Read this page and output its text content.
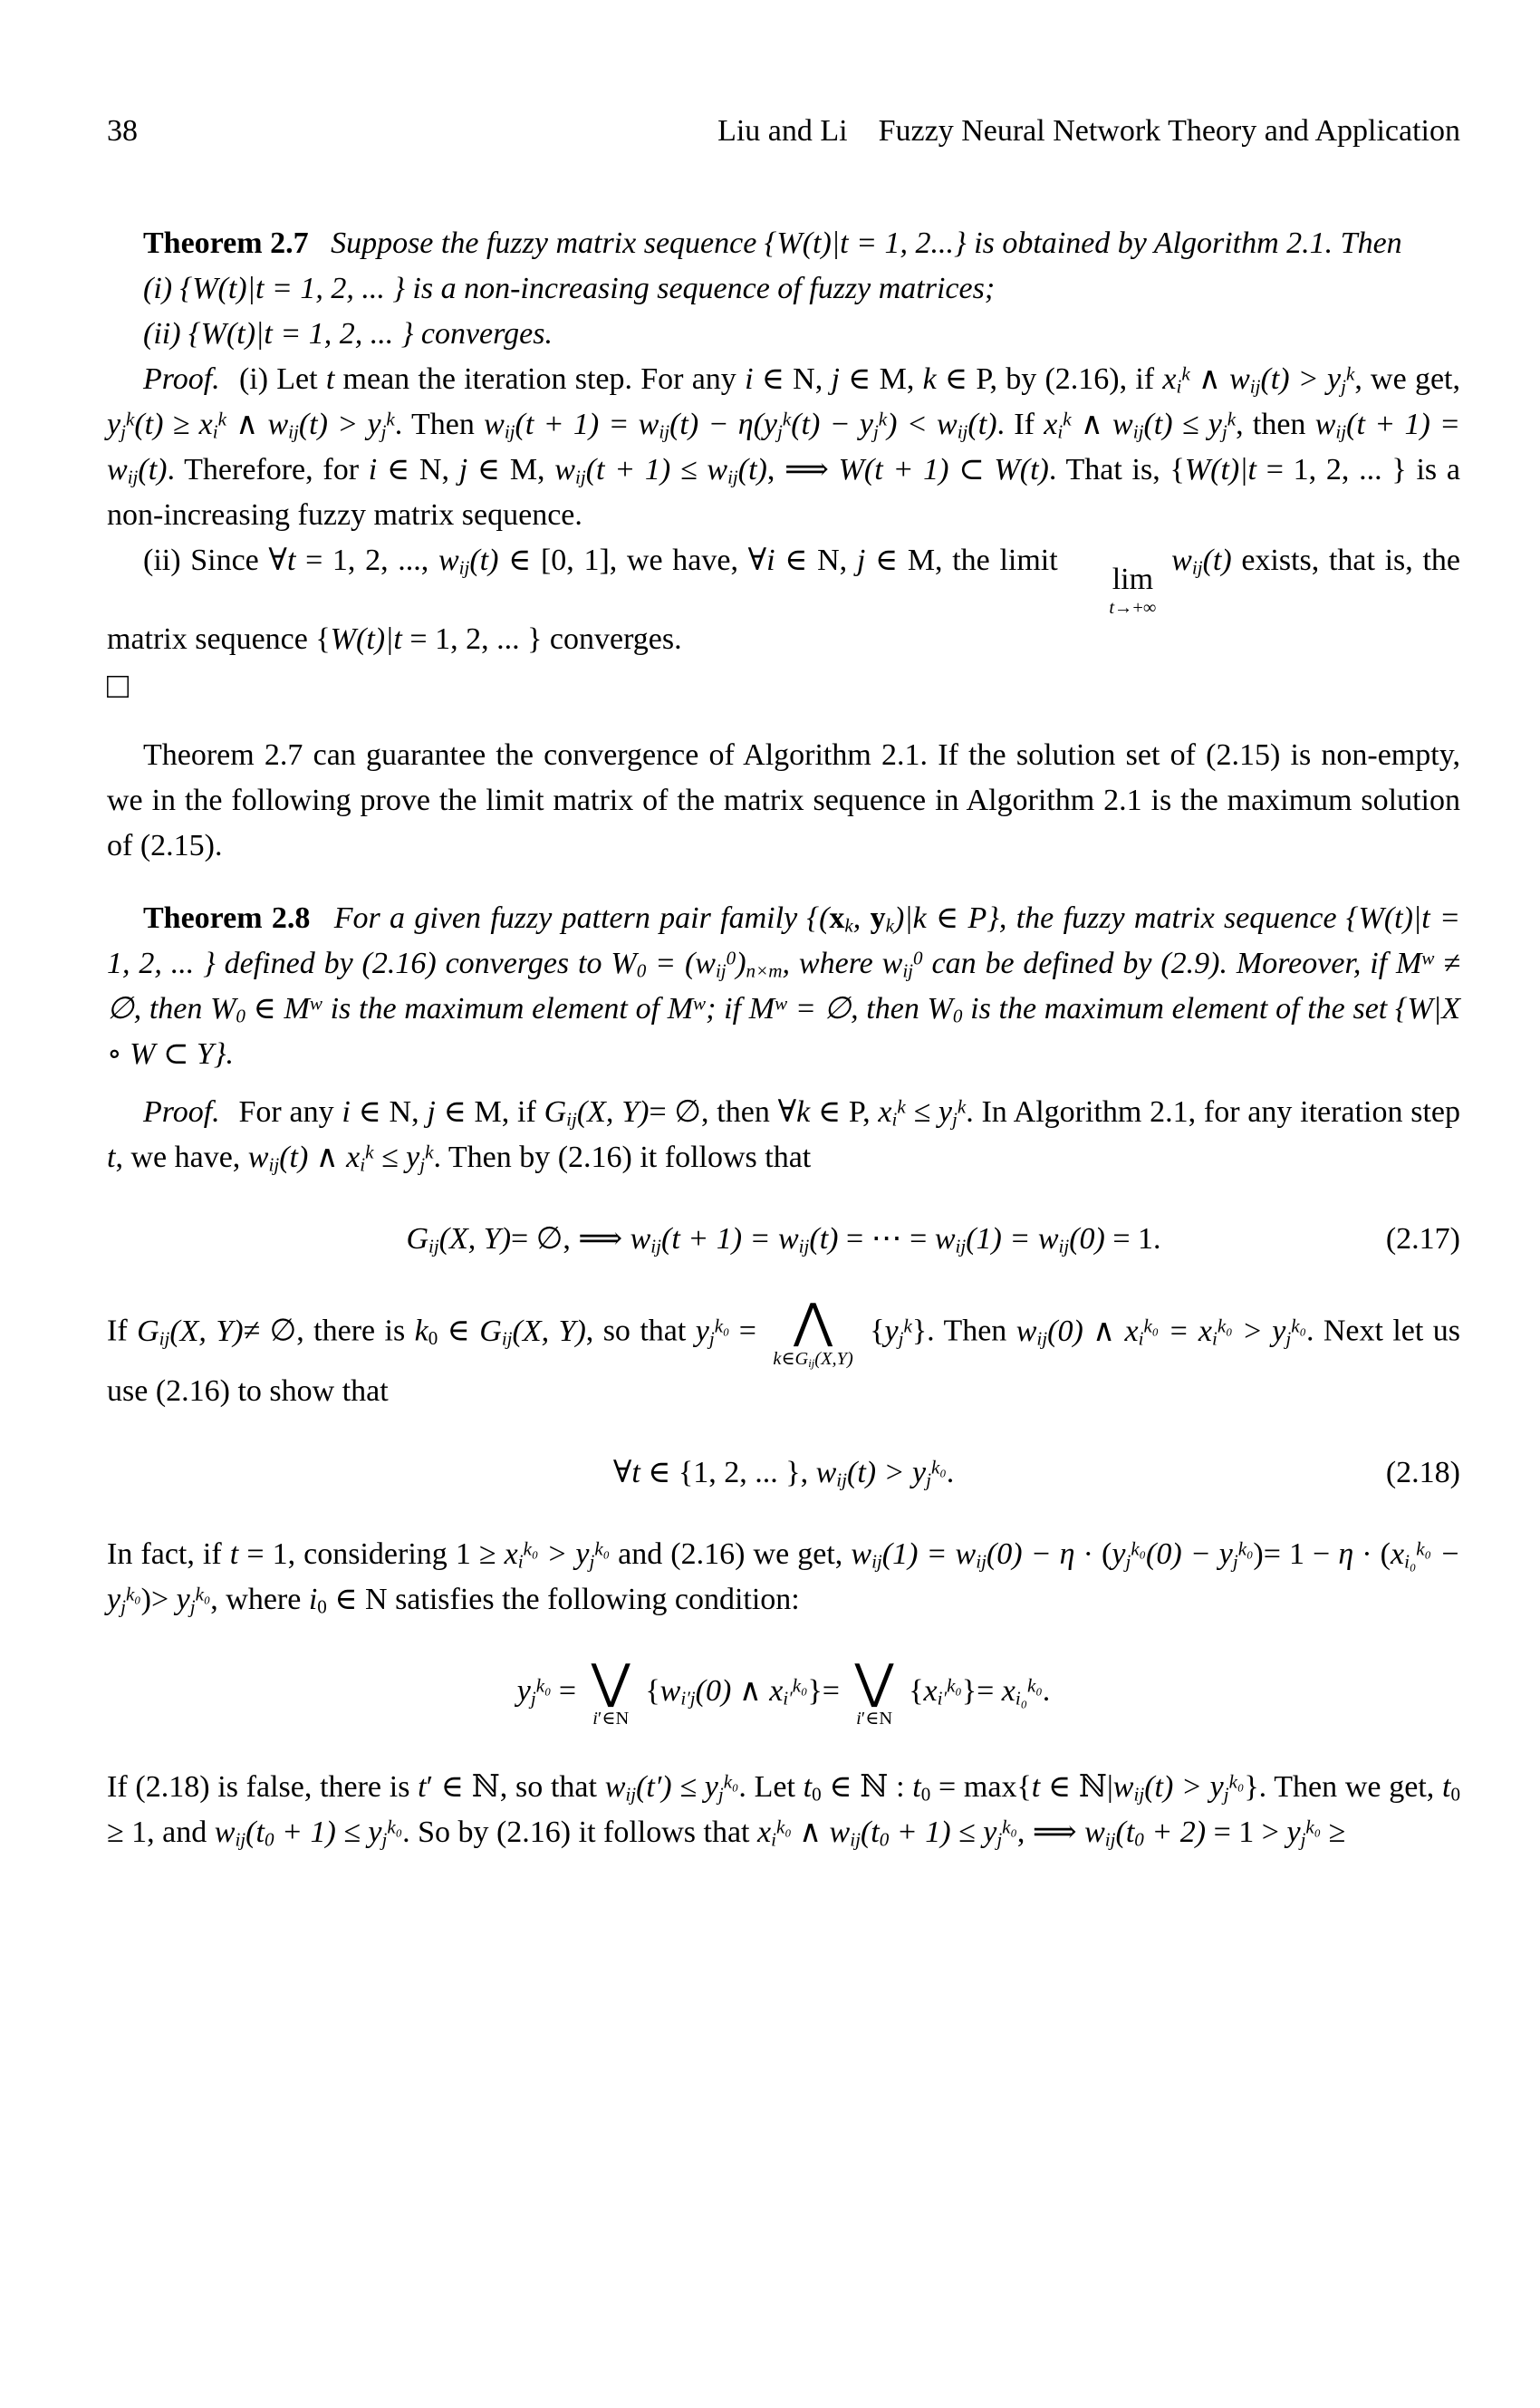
38	Liu and Li Fuzzy Neural Network Theory and Application

Theorem 2.7 Suppose the fuzzy matrix sequence {W(t)|t = 1, 2...} is obtained by Algorithm 2.1. Then

(i) {W(t)|t = 1, 2, ... } is a non-increasing sequence of fuzzy matrices;

(ii) {W(t)|t = 1, 2, ... } converges.

Proof. (i) Let t mean the iteration step. For any i ∈ N, j ∈ M, k ∈ P, by (2.16), if $x_i^k$ ∧ $w_{ij}(t) > y_j^k$, we get, $y_j^k(t) \ge x_i^k$ ∧ $w_{ij}(t) > y_j^k$. Then $w_{ij}(t + 1) = w_{ij}(t) - \eta(y_j^k(t) - y_j^k) < w_{ij}(t)$. If $x_i^k$ ∧ $w_{ij}(t) \le y_j^k$, then $w_{ij}(t + 1) = w_{ij}(t)$. Therefore, for i ∈ N, j ∈ M, $w_{ij}(t + 1) \le w_{ij}(t)$, ⟹ W(t + 1) ⊂ W(t). That is, {W(t)|t = 1, 2, ... } is a non-increasing fuzzy matrix sequence.

(ii) Since ∀t = 1, 2, ..., $w_{ij}(t)$ ∈ [0, 1], we have, ∀i ∈ N, j ∈ M, the limit
lim
t→+∞
$w_{ij}(t)$ exists, that is, the matrix sequence {W(t)|t = 1, 2, ... } converges.

□

Theorem 2.7 can guarantee the convergence of Algorithm 2.1. If the solution set of (2.15) is non-empty, we in the following prove the limit matrix of the matrix sequence in Algorithm 2.1 is the maximum solution of (2.15).

Theorem 2.8 For a given fuzzy pattern pair family {($x_k$, $y_k)|k$ ∈ P}, the fuzzy matrix sequence {W(t)|t = 1, 2, ... } defined by (2.16) converges to $W_0 = (w_{ij}^0)_{n\times m}$, where $w_{ij}^0$ can be defined by (2.9). Moreover, if $M^w$ ≠ ∅, then $W_0$ ∈ $M^w$ is the maximum element of $M^w$; if $M^w$ = ∅, then $W_0$ is the maximum element of the set {W|X ∘ W ⊂ Y}.

Proof. For any i ∈ N, j ∈ M, if $G_{ij}(X$, Y)= ∅, then ∀k ∈ P, $x_i^k \le y_j^k$. In Algorithm 2.1, for any iteration step t, we have, $w_{ij}(t)$ ∧ $x_i^k \le y_j^k$. Then by (2.16) it follows that

$G_{ij}(X$, Y)= ∅, ⟹ $w_{ij}(t + 1) = w_{ij}(t)$ = ⋯ = $w_{ij}(1) = w_{ij}(0) = 1$.	(2.17)

If $G_{ij}(X$, Y)≠ ∅, there is $k_0$ ∈ $G_{ij}(X$, Y), so that $y_j^{k_0}$ = ⋀
$k\in G_{ij}(X,Y)$
$\{y_j^k\}$. Then $w_{ij}(0)$ ∧ $x_i^{k_0} = x_i^{k_0} > y_j^{k_0}$. Next let us use (2.16) to show that

∀t ∈ {1, 2, ... }, $w_{ij}(t) > y_j^{k_0}$.	(2.18)

In fact, if t = 1, considering $1 \ge x_i^{k_0} > y_j^{k_0}$ and (2.16) we get, $w_{ij}(1) = w_{ij}(0) - \eta \cdot (y_j^{k_0}(0) - y_j^{k_0})= 1 - \eta \cdot (x_{i_0}^{k_0} - y_j^{k_0})> y_j^{k_0}$, where $i_0$ ∈ N satisfies the following condition:

$y_j^{k_0}$ = ⋁
i′∈N
{$w_{i'j}(0)$ ∧ $x_{i'}^{k_0}\}=$ ⋁
i′∈N
$\{x_{i'}^{k_0}\}= x_{i_0}^{k_0}$.

If (2.18) is false, there is t′ ∈ ℕ, so that $w_{ij}(t') \le y_j^{k_0}$. Let $t_0$ ∈ ℕ : $t_0 = \max\{t$ ∈ $ℕ|w_{ij}(t) > y_j^{k_0}$}. Then we get, $t_0 \ge 1$, and $w_{ij}(t_0 + 1) \le y_j^{k_0}$. So by (2.16) it follows that $x_i^{k_0}$ ∧ $w_{ij}(t_0 + 1) \le y_j^{k_0}$, ⟹ $w_{ij}(t_0 + 2) = 1 > y_j^{k_0}$ ≥
